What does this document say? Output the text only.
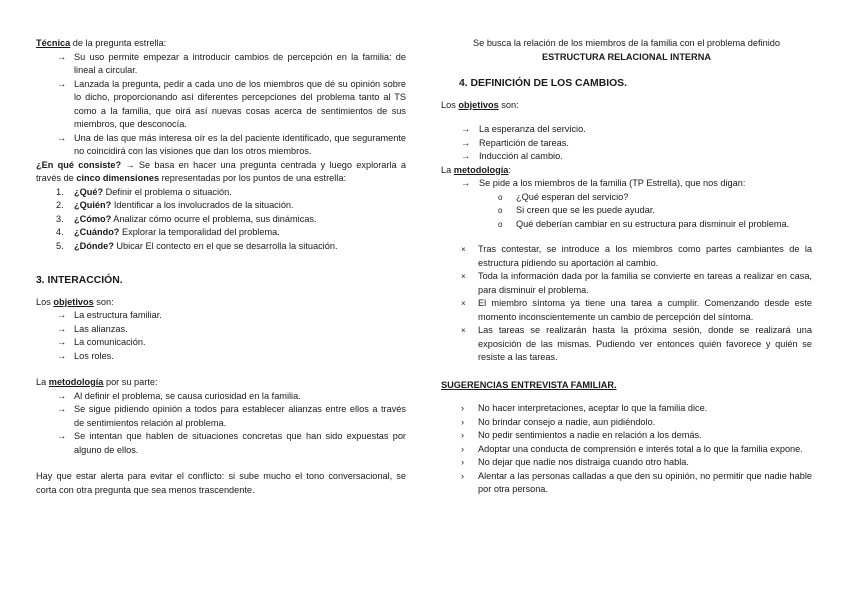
Técnica de la pregunta estrella:

→ Su uso permite empezar a introducir cambios de percepción en la familia: de lineal a circular.
→ Lanzada la pregunta, pedir a cada uno de los miembros que dé su opinión sobre lo dicho, proporcionando así diferentes percepciones del problema tanto al TS como a la familia, que oirá así nuevas cosas acerca de sentimientos de sus miembros, que desconocía.
→ Una de las que más interesa oír es la del paciente identificado, que seguramente no coincidirá con las visiones que dan los otros miembros.

¿En qué consiste? → Se basa en hacer una pregunta centrada y luego explorarla a través de cinco dimensiones representadas por los puntos de una estrella:

1. ¿Qué? Definir el problema o situación.
2. ¿Quién? Identificar a los involucrados de la situación.
3. ¿Cómo? Analizar cómo ocurre el problema, sus dinámicas.
4. ¿Cuándo? Explorar la temporalidad del problema.
5. ¿Dónde? Ubicar El contecto en el que se desarrolla la situación.

3. INTERACCIÓN.

Los objetivos son:

→ La estructura familiar.
→ Las alianzas.
→ La comunicación.
→ Los roles.

La metodología por su parte:

→ Al definir el problema, se causa curiosidad en la familia.
→ Se sigue pidiendo opinión a todos para establecer alianzas entre ellos a través de sentimientos relación al problema.
→ Se intentan que hablen de situaciones concretas que han sido expuestas por alguno de ellos.

Hay que estar alerta para evitar el conflicto: si sube mucho el tono conversacional, se corta con otra pregunta que sea menos trascendente.

Se busca la relación de los miembros de la familia con el problema definido

ESTRUCTURA RELACIONAL INTERNA

4. DEFINICIÓN DE LOS CAMBIOS.

Los objetivos son:

→ La esperanza del servicio.
→ Repartición de tareas.
→ Inducción al cambio.

La metodología:

→ Se pide a los miembros de la familia (TP Estrella), que nos digan:
o ¿Qué esperan del servicio?
o Si creen que se les puede ayudar.
o Qué deberían cambiar en su estructura para disminuir el problema.
× Tras contestar, se introduce a los miembros como partes cambiantes de la estructura pidiendo su aportación al cambio.
× Toda la información dada por la familia se convierte en tareas a realizar en casa, para disminuir el problema.
× El miembro síntoma ya tiene una tarea a cumplir. Comenzando desde este momento inconscientemente un cambio de percepción del síntoma.
× Las tareas se realizarán hasta la próxima sesión, donde se realizará una exposición de las mismas. Pudiendo ver entonces quién favorece y quién se resiste a las tareas.

SUGERENCIAS ENTREVISTA FAMILIAR.

› No hacer interpretaciones, aceptar lo que la familia dice.
› No brindar consejo a nadie, aun pidiéndolo.
› No pedir sentimientos a nadie en relación a los demás.
› Adoptar una conducta de comprensión e interés total a lo que la familia expone.
› No dejar que nadie nos distraiga cuando otro habla.
› Alentar a las personas calladas a que den su opinión, no permitir que nadie hable por otra persona.
